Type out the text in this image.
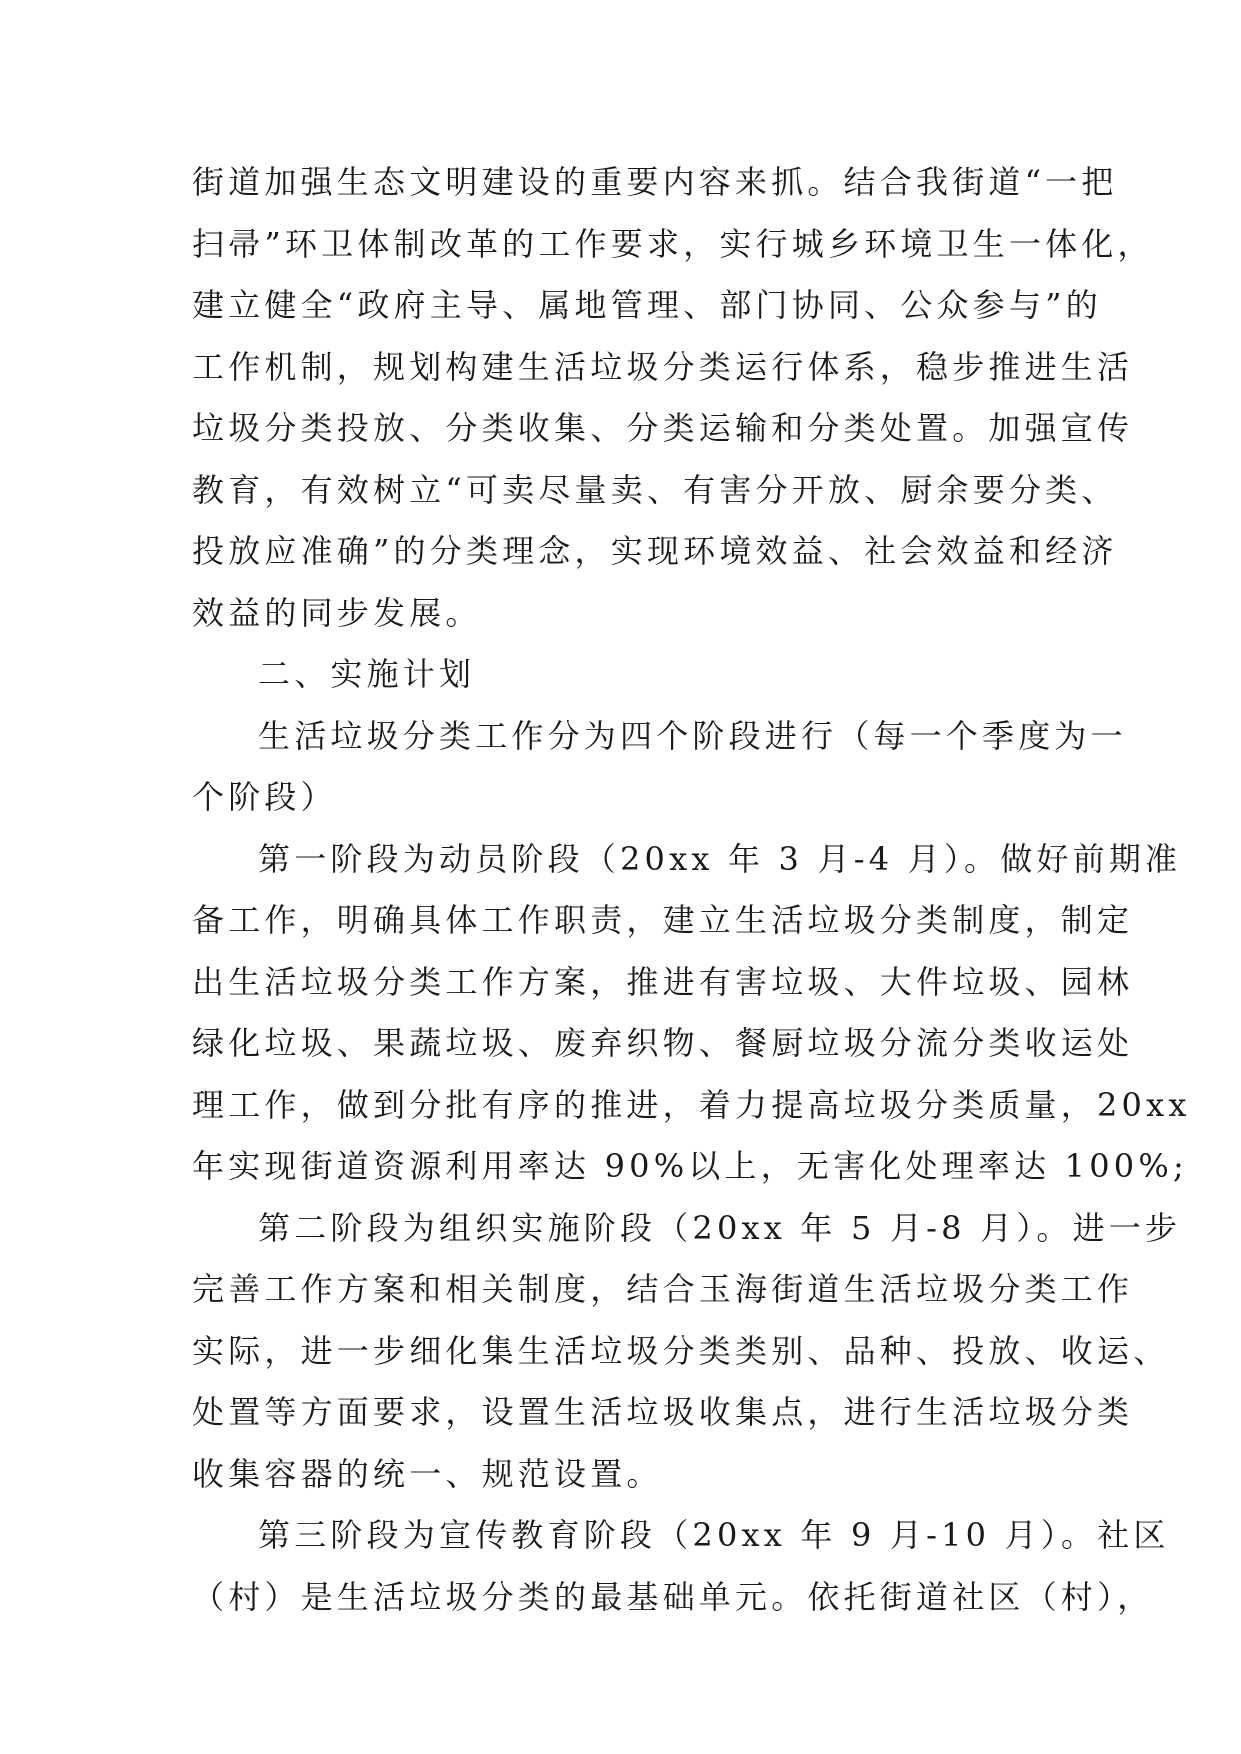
街道加强生态文明建设的重要内容来抓。结合我街道“一把
扫帚”环卫体制改革的工作要求，实行城乡环境卫生一体化，
建立健全“政府主导、属地管理、部门协同、公众参与”的
工作机制，规划构建生活垃圾分类运行体系，稳步推进生活
垃圾分类投放、分类收集、分类运输和分类处置。加强宣传
教育，有效树立“可卖尽量卖、有害分开放、厨余要分类、
投放应准确”的分类理念，实现环境效益、社会效益和经济
效益的同步发展。
二、实施计划
生活垃圾分类工作分为四个阶段进行（每一个季度为一
个阶段）
第一阶段为动员阶段（20xx 年 3 月-4 月）。做好前期准
备工作，明确具体工作职责，建立生活垃圾分类制度，制定
出生活垃圾分类工作方案，推进有害垃圾、大件垃圾、园林
绿化垃圾、果蔬垃圾、废弃织物、餐厨垃圾分流分类收运处
理工作，做到分批有序的推进，着力提高垃圾分类质量，20xx
年实现街道资源利用率达 90%以上，无害化处理率达 100%;
第二阶段为组织实施阶段（20xx 年 5 月-8 月）。进一步
完善工作方案和相关制度，结合玉海街道生活垃圾分类工作
实际，进一步细化集生活垃圾分类类别、品种、投放、收运、
处置等方面要求，设置生活垃圾收集点，进行生活垃圾分类
收集容器的统一、规范设置。
第三阶段为宣传教育阶段（20xx 年 9 月-10 月）。社区
（村）是生活垃圾分类的最基础单元。依托街道社区（村），
